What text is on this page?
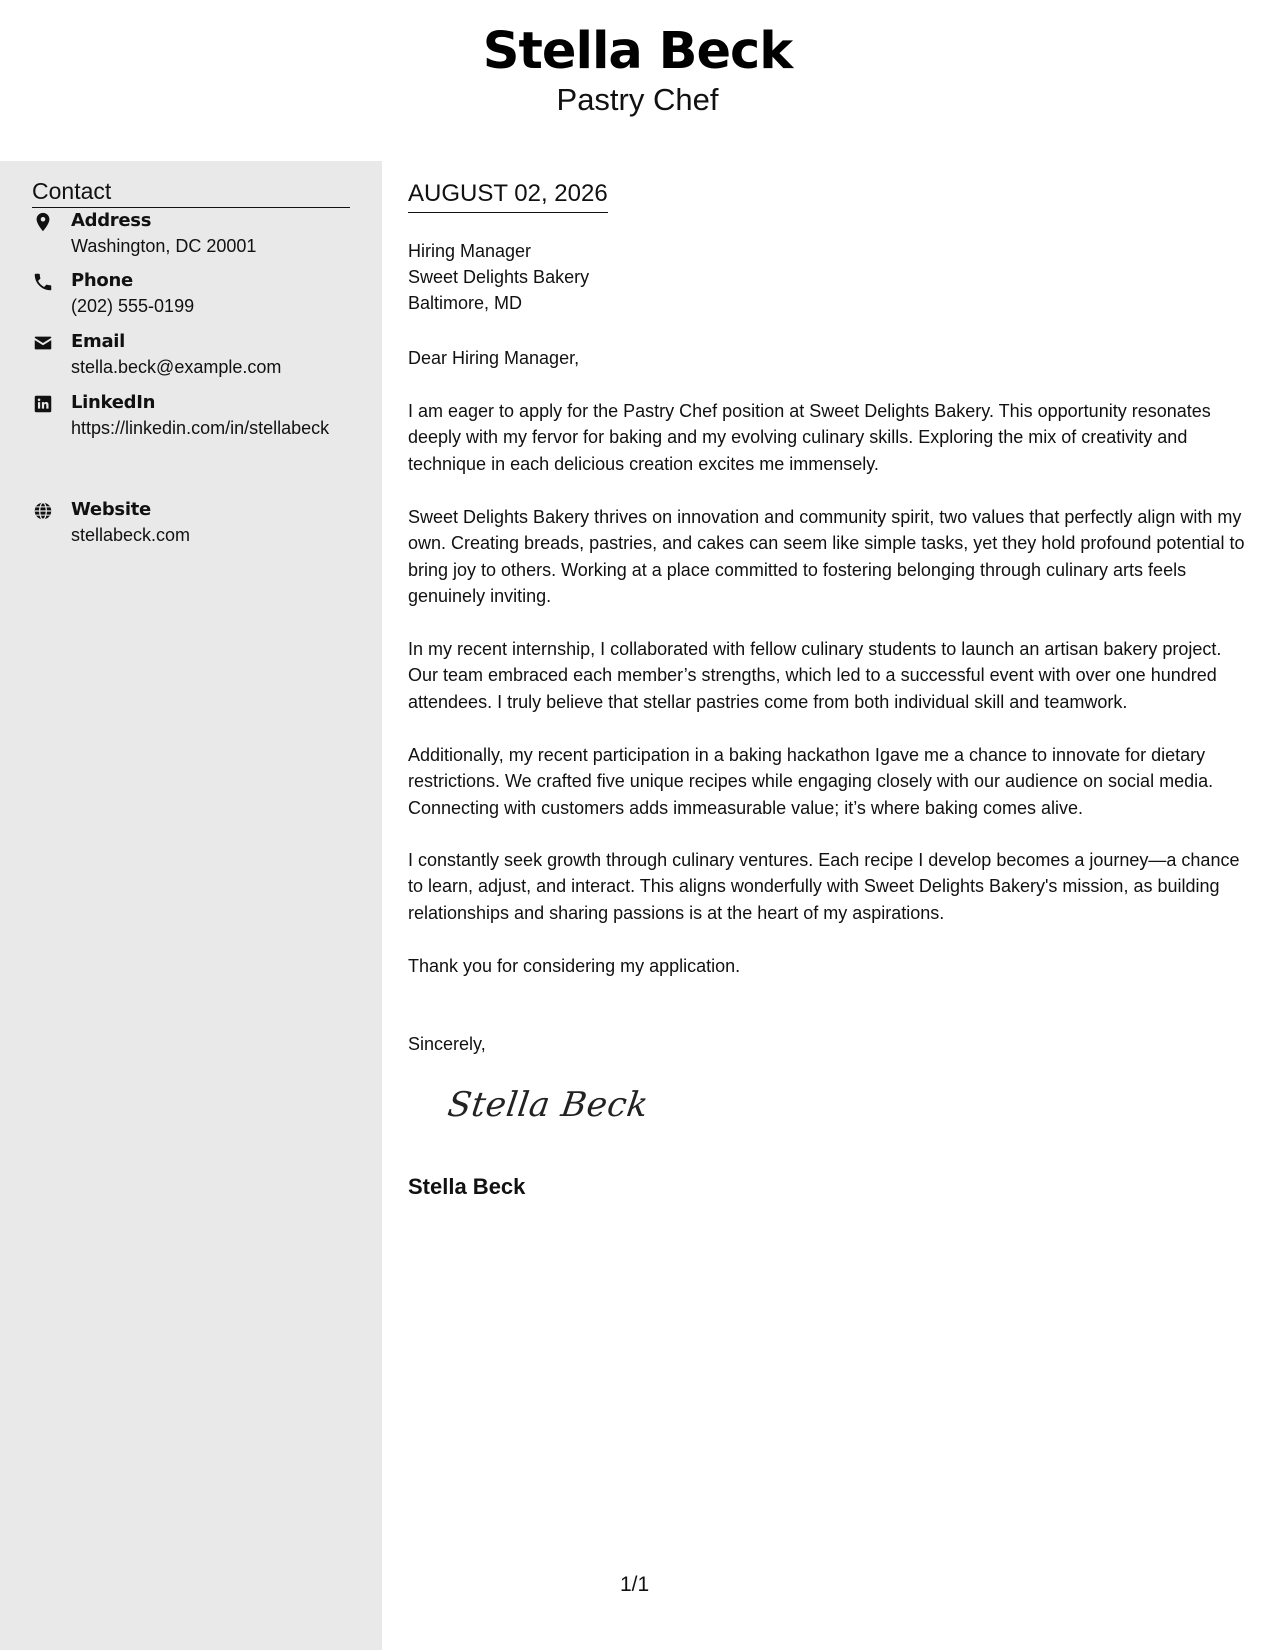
Stella Beck
Pastry Chef
Contact
Address
Washington, DC 20001
Phone
(202) 555-0199
Email
stella.beck@example.com
LinkedIn
https://linkedin.com/in/stellabeck
Website
stellabeck.com
AUGUST 02, 2026
Hiring Manager
Sweet Delights Bakery
Baltimore, MD
Dear Hiring Manager,
I am eager to apply for the Pastry Chef position at Sweet Delights Bakery. This opportunity resonates deeply with my fervor for baking and my evolving culinary skills. Exploring the mix of creativity and technique in each delicious creation excites me immensely.
Sweet Delights Bakery thrives on innovation and community spirit, two values that perfectly align with my own. Creating breads, pastries, and cakes can seem like simple tasks, yet they hold profound potential to bring joy to others. Working at a place committed to fostering belonging through culinary arts feels genuinely inviting.
In my recent internship, I collaborated with fellow culinary students to launch an artisan bakery project. Our team embraced each member’s strengths, which led to a successful event with over one hundred attendees. I truly believe that stellar pastries come from both individual skill and teamwork.
Additionally, my recent participation in a baking hackathon Igave me a chance to innovate for dietary restrictions. We crafted five unique recipes while engaging closely with our audience on social media. Connecting with customers adds immeasurable value; it’s where baking comes alive.
I constantly seek growth through culinary ventures. Each recipe I develop becomes a journey—a chance to learn, adjust, and interact. This aligns wonderfully with Sweet Delights Bakery's mission, as building relationships and sharing passions is at the heart of my aspirations.
Thank you for considering my application.
Sincerely,
Stella Beck
Stella Beck
1/1
